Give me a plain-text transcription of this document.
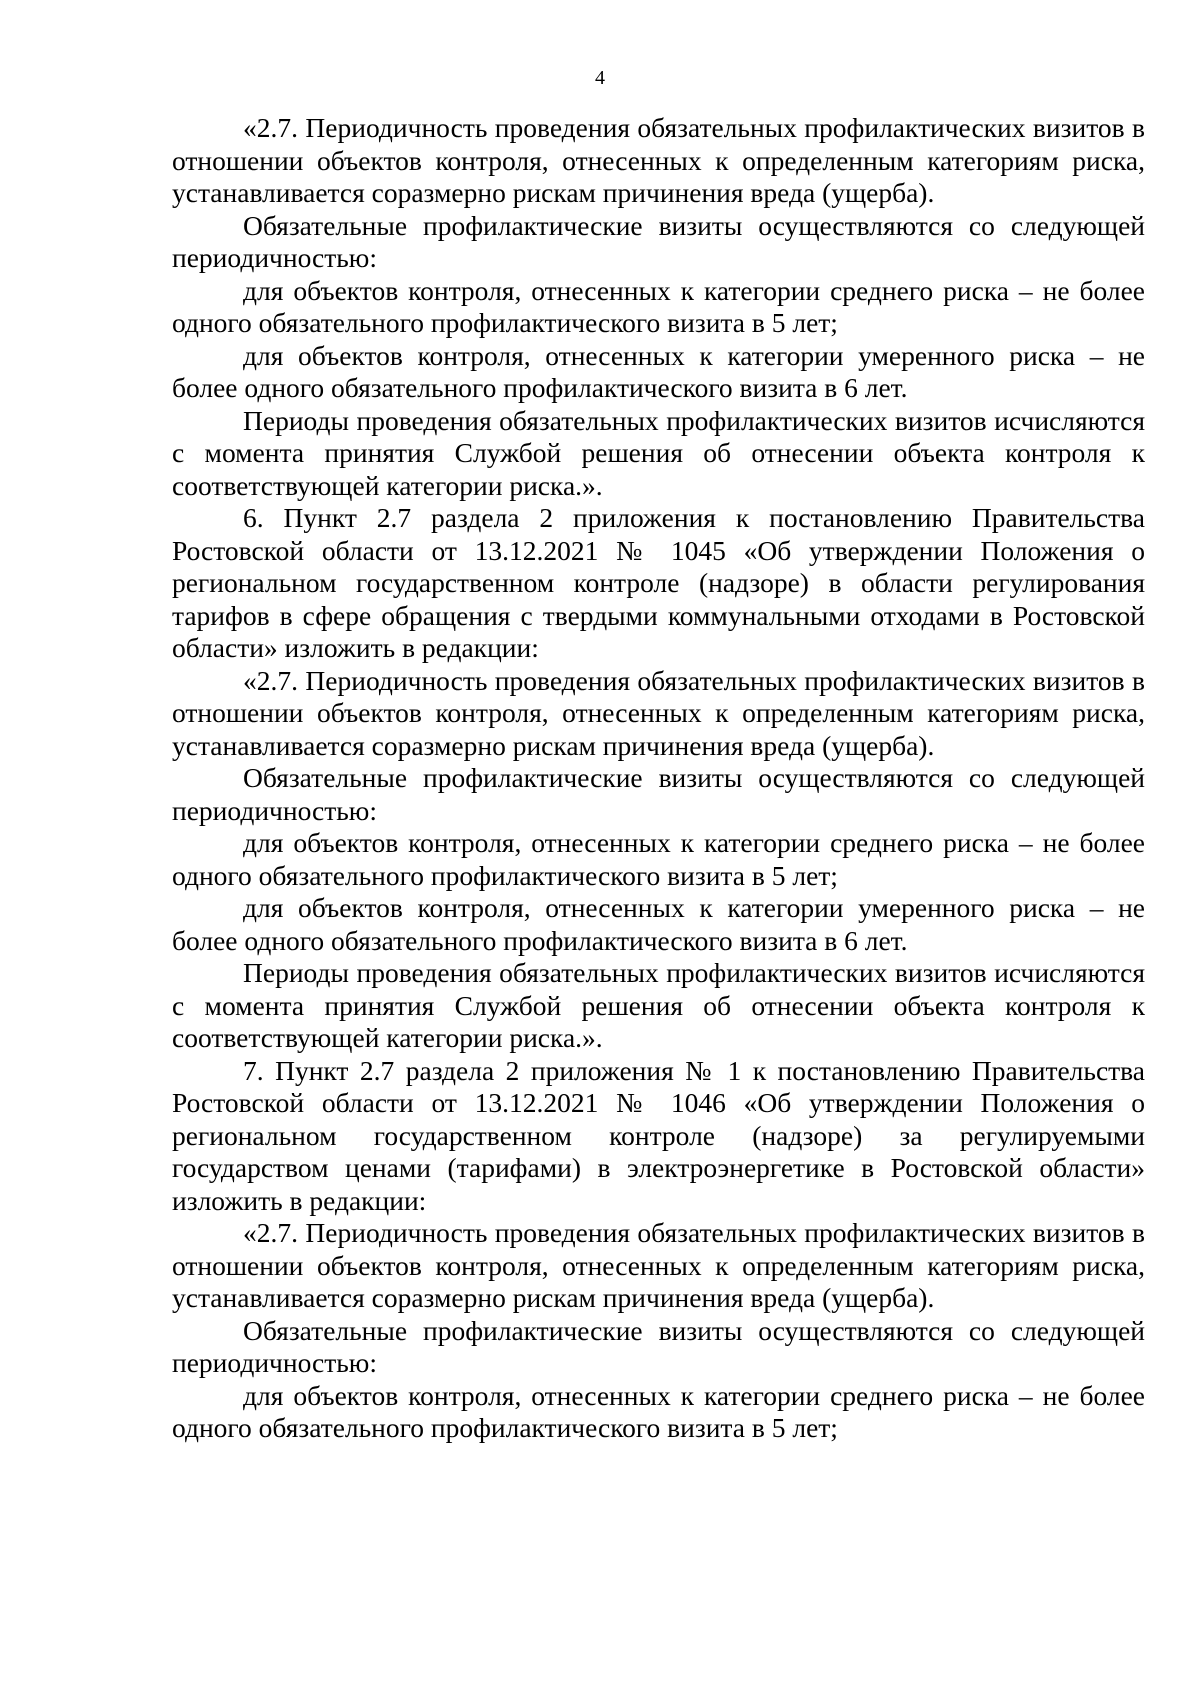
4

«2.7. Периодичность проведения обязательных профилактических визитов в отношении объектов контроля, отнесенных к определенным категориям риска, устанавливается соразмерно рискам причинения вреда (ущерба).

Обязательные профилактические визиты осуществляются со следующей периодичностью:

для объектов контроля, отнесенных к категории среднего риска – не более одного обязательного профилактического визита в 5 лет;

для объектов контроля, отнесенных к категории умеренного риска – не более одного обязательного профилактического визита в 6 лет.

Периоды проведения обязательных профилактических визитов исчисляются с момента принятия Службой решения об отнесении объекта контроля к соответствующей категории риска.».

6. Пункт 2.7 раздела 2 приложения к постановлению Правительства Ростовской области от 13.12.2021 № 1045 «Об утверждении Положения о региональном государственном контроле (надзоре) в области регулирования тарифов в сфере обращения с твердыми коммунальными отходами в Ростовской области» изложить в редакции:

«2.7. Периодичность проведения обязательных профилактических визитов в отношении объектов контроля, отнесенных к определенным категориям риска, устанавливается соразмерно рискам причинения вреда (ущерба).

Обязательные профилактические визиты осуществляются со следующей периодичностью:

для объектов контроля, отнесенных к категории среднего риска – не более одного обязательного профилактического визита в 5 лет;

для объектов контроля, отнесенных к категории умеренного риска – не более одного обязательного профилактического визита в 6 лет.

Периоды проведения обязательных профилактических визитов исчисляются с момента принятия Службой решения об отнесении объекта контроля к соответствующей категории риска.».

7. Пункт 2.7 раздела 2 приложения № 1 к постановлению Правительства Ростовской области от 13.12.2021 № 1046 «Об утверждении Положения о региональном государственном контроле (надзоре) за регулируемыми государством ценами (тарифами) в электроэнергетике в Ростовской области» изложить в редакции:

«2.7. Периодичность проведения обязательных профилактических визитов в отношении объектов контроля, отнесенных к определенным категориям риска, устанавливается соразмерно рискам причинения вреда (ущерба).

Обязательные профилактические визиты осуществляются со следующей периодичностью:

для объектов контроля, отнесенных к категории среднего риска – не более одного обязательного профилактического визита в 5 лет;
